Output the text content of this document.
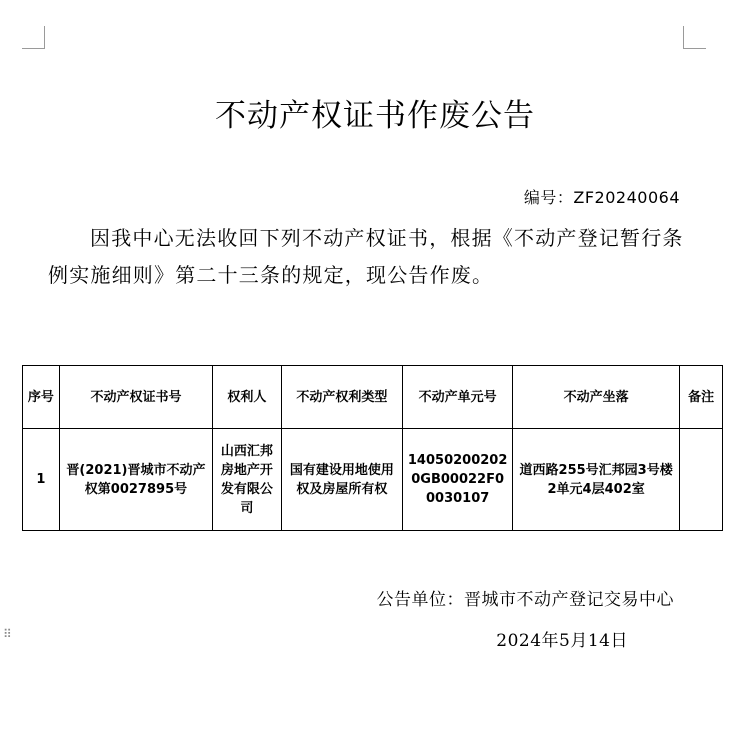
不动产权证书作废公告
编号：ZF20240064
因我中心无法收回下列不动产权证书，根据《不动产登记暂行条例实施细则》第二十三条的规定，现公告作废。
序号	不动产权证书号	权利人	不动产权利类型	不动产单元号	不动产坐落	备注
1	晋(2021)晋城市不动产权第0027895号	山西汇邦房地产开发有限公司	国有建设用地使用权及房屋所有权	140502002020GB00022F00030107	道西路255号汇邦园3号楼2单元4层402室	
公告单位：晋城市不动产登记交易中心
2024年5月14日
⠿
